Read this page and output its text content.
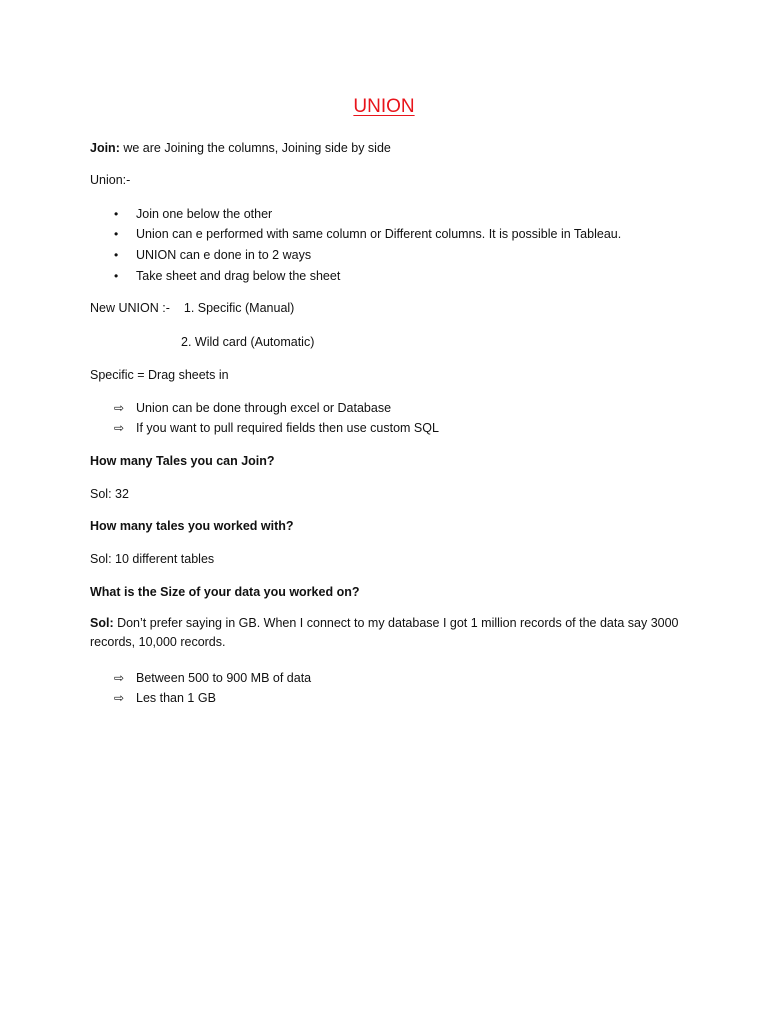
UNION
Join: we are Joining the columns, Joining side by side
Union:-
• Join one below the other
• Union can e performed with same column or Different columns. It is possible in Tableau.
• UNION can e done in to 2 ways
• Take sheet and drag below the sheet
New UNION :- 1. Specific (Manual)
2. Wild card (Automatic)
Specific = Drag sheets in
⇨ Union can be done through excel or Database
⇨ If you want to pull required fields then use custom SQL
How many Tales you can Join?
Sol: 32
How many tales you worked with?
Sol: 10 different tables
What is the Size of your data you worked on?
Sol: Don’t prefer saying in GB. When I connect to my database I got 1 million records of the data say 3000 records, 10,000 records.
⇨ Between 500 to 900 MB of data
⇨ Les than 1 GB
